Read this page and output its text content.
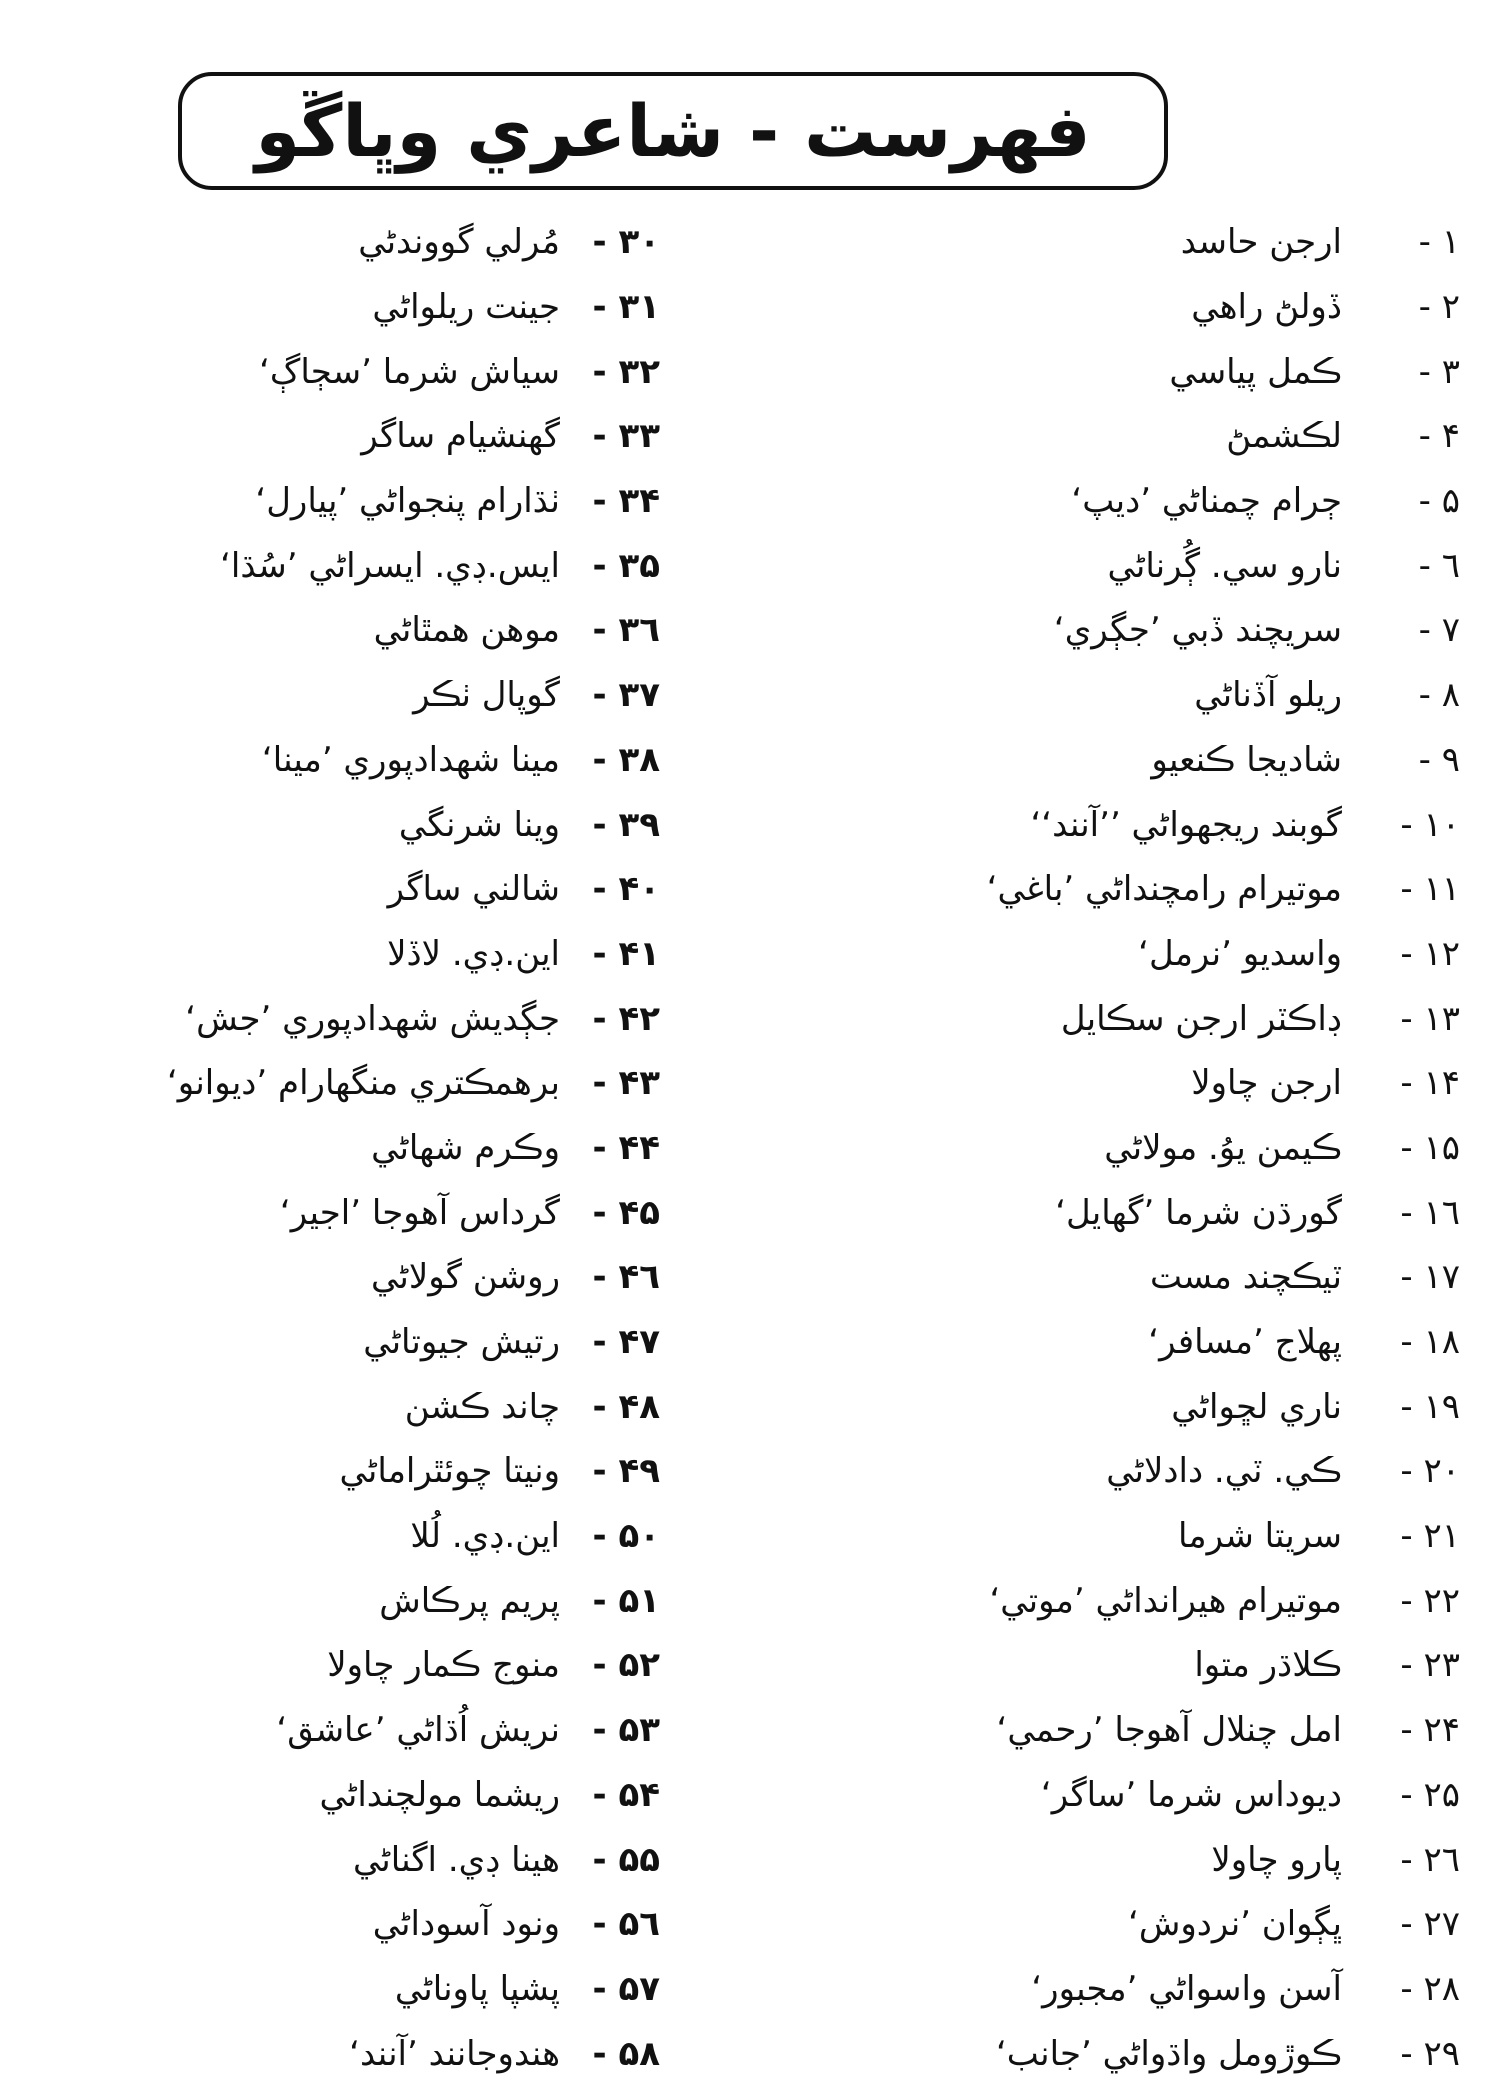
فهرست - شاعري وڀاڱو
١ -
ارجن حاسد
٢ -
ڏولڻ راهي
٣ -
ڪمل پياسي
۴ -
لڪشمڻ
۵ -
ڄرام چمناڻي ’ديپ‘
٦ -
نارو سي. ڳُرناڻي
٧ -
سريچند ڏبي ’جڳري‘
٨ -
ريلو آڏناڻي
٩ -
شاديجا ڪنعيو
١٠ -
گوبند ريجهواڻي ’’آنند‘‘
١١ -
موتيرام رامچنداڻي ’باغي‘
١٢ -
واسديو ’نرمل‘
١٣ -
ڊاڪٽر ارجن سڪايل
١۴ -
ارجن چاولا
١۵ -
ڪيمن يوُ. مولاڻي
١٦ -
گورڌن شرما ’گهايل‘
١٧ -
ٽيڪچند مست
١٨ -
پهلاج ’مسافر‘
١٩ -
ناري لڇواڻي
٢٠ -
ڪي. ٽي. دادلاڻي
٢١ -
سريتا شرما
٢٢ -
موتيرام هيرانداڻي ’موتي‘
٢٣ -
ڪلاڌر متوا
٢۴ -
امل چنلال آهوجا ’رحمي‘
٢۵ -
ديوداس شرما ’ساگر‘
٢٦ -
پارو چاولا
٢٧ -
ڀڳوان ’نردوش‘
٢٨ -
آسن واسواڻي ’مجبور‘
٢٩ -
ڪوڙومل واڌواڻي ’جانب‘
٣٠ -
مُرلي گووندڻي
٣١ -
جينت ريلواڻي
٣٢ -
سياش شرما ’سڄاڳ‘
٣٣ -
گهنشيام ساگر
٣۴ -
ٺڌارام پنجواڻي ’پيارل‘
٣۵ -
ايس.ڊي. ايسراڻي ’سُڌا‘
٣٦ -
موهن همٿاڻي
٣٧ -
گوپال ٺڪر
٣٨ -
مينا شهدادپوري ’مينا‘
٣٩ -
وينا شرنگي
۴٠ -
شالني ساگر
۴١ -
اين.ڊي. لاڏلا
۴٢ -
جڳديش شهدادپوري ’جش‘
۴٣ -
برهمڪتري منگهارام ’ديوانو‘
۴۴ -
وڪرم شهاڻي
۴۵ -
گرداس آهوجا ’اجير‘
۴٦ -
روشن گولاڻي
۴٧ -
رتيش جيوتاڻي
۴٨ -
چاند ڪشن
۴٩ -
ونيتا چوئٿراماڻي
۵٠ -
اين.ڊي. لُلا
۵١ -
پريم پرڪاش
۵٢ -
منوج ڪمار چاولا
۵٣ -
نريش اُڌاڻي ’عاشق‘
۵۴ -
ريشما مولچنداڻي
۵۵ -
هينا ڊي. اگناڻي
۵٦ -
ونود آسوداڻي
۵٧ -
پشپا پاوناڻي
۵٨ -
هندوجانند ’آنند‘
